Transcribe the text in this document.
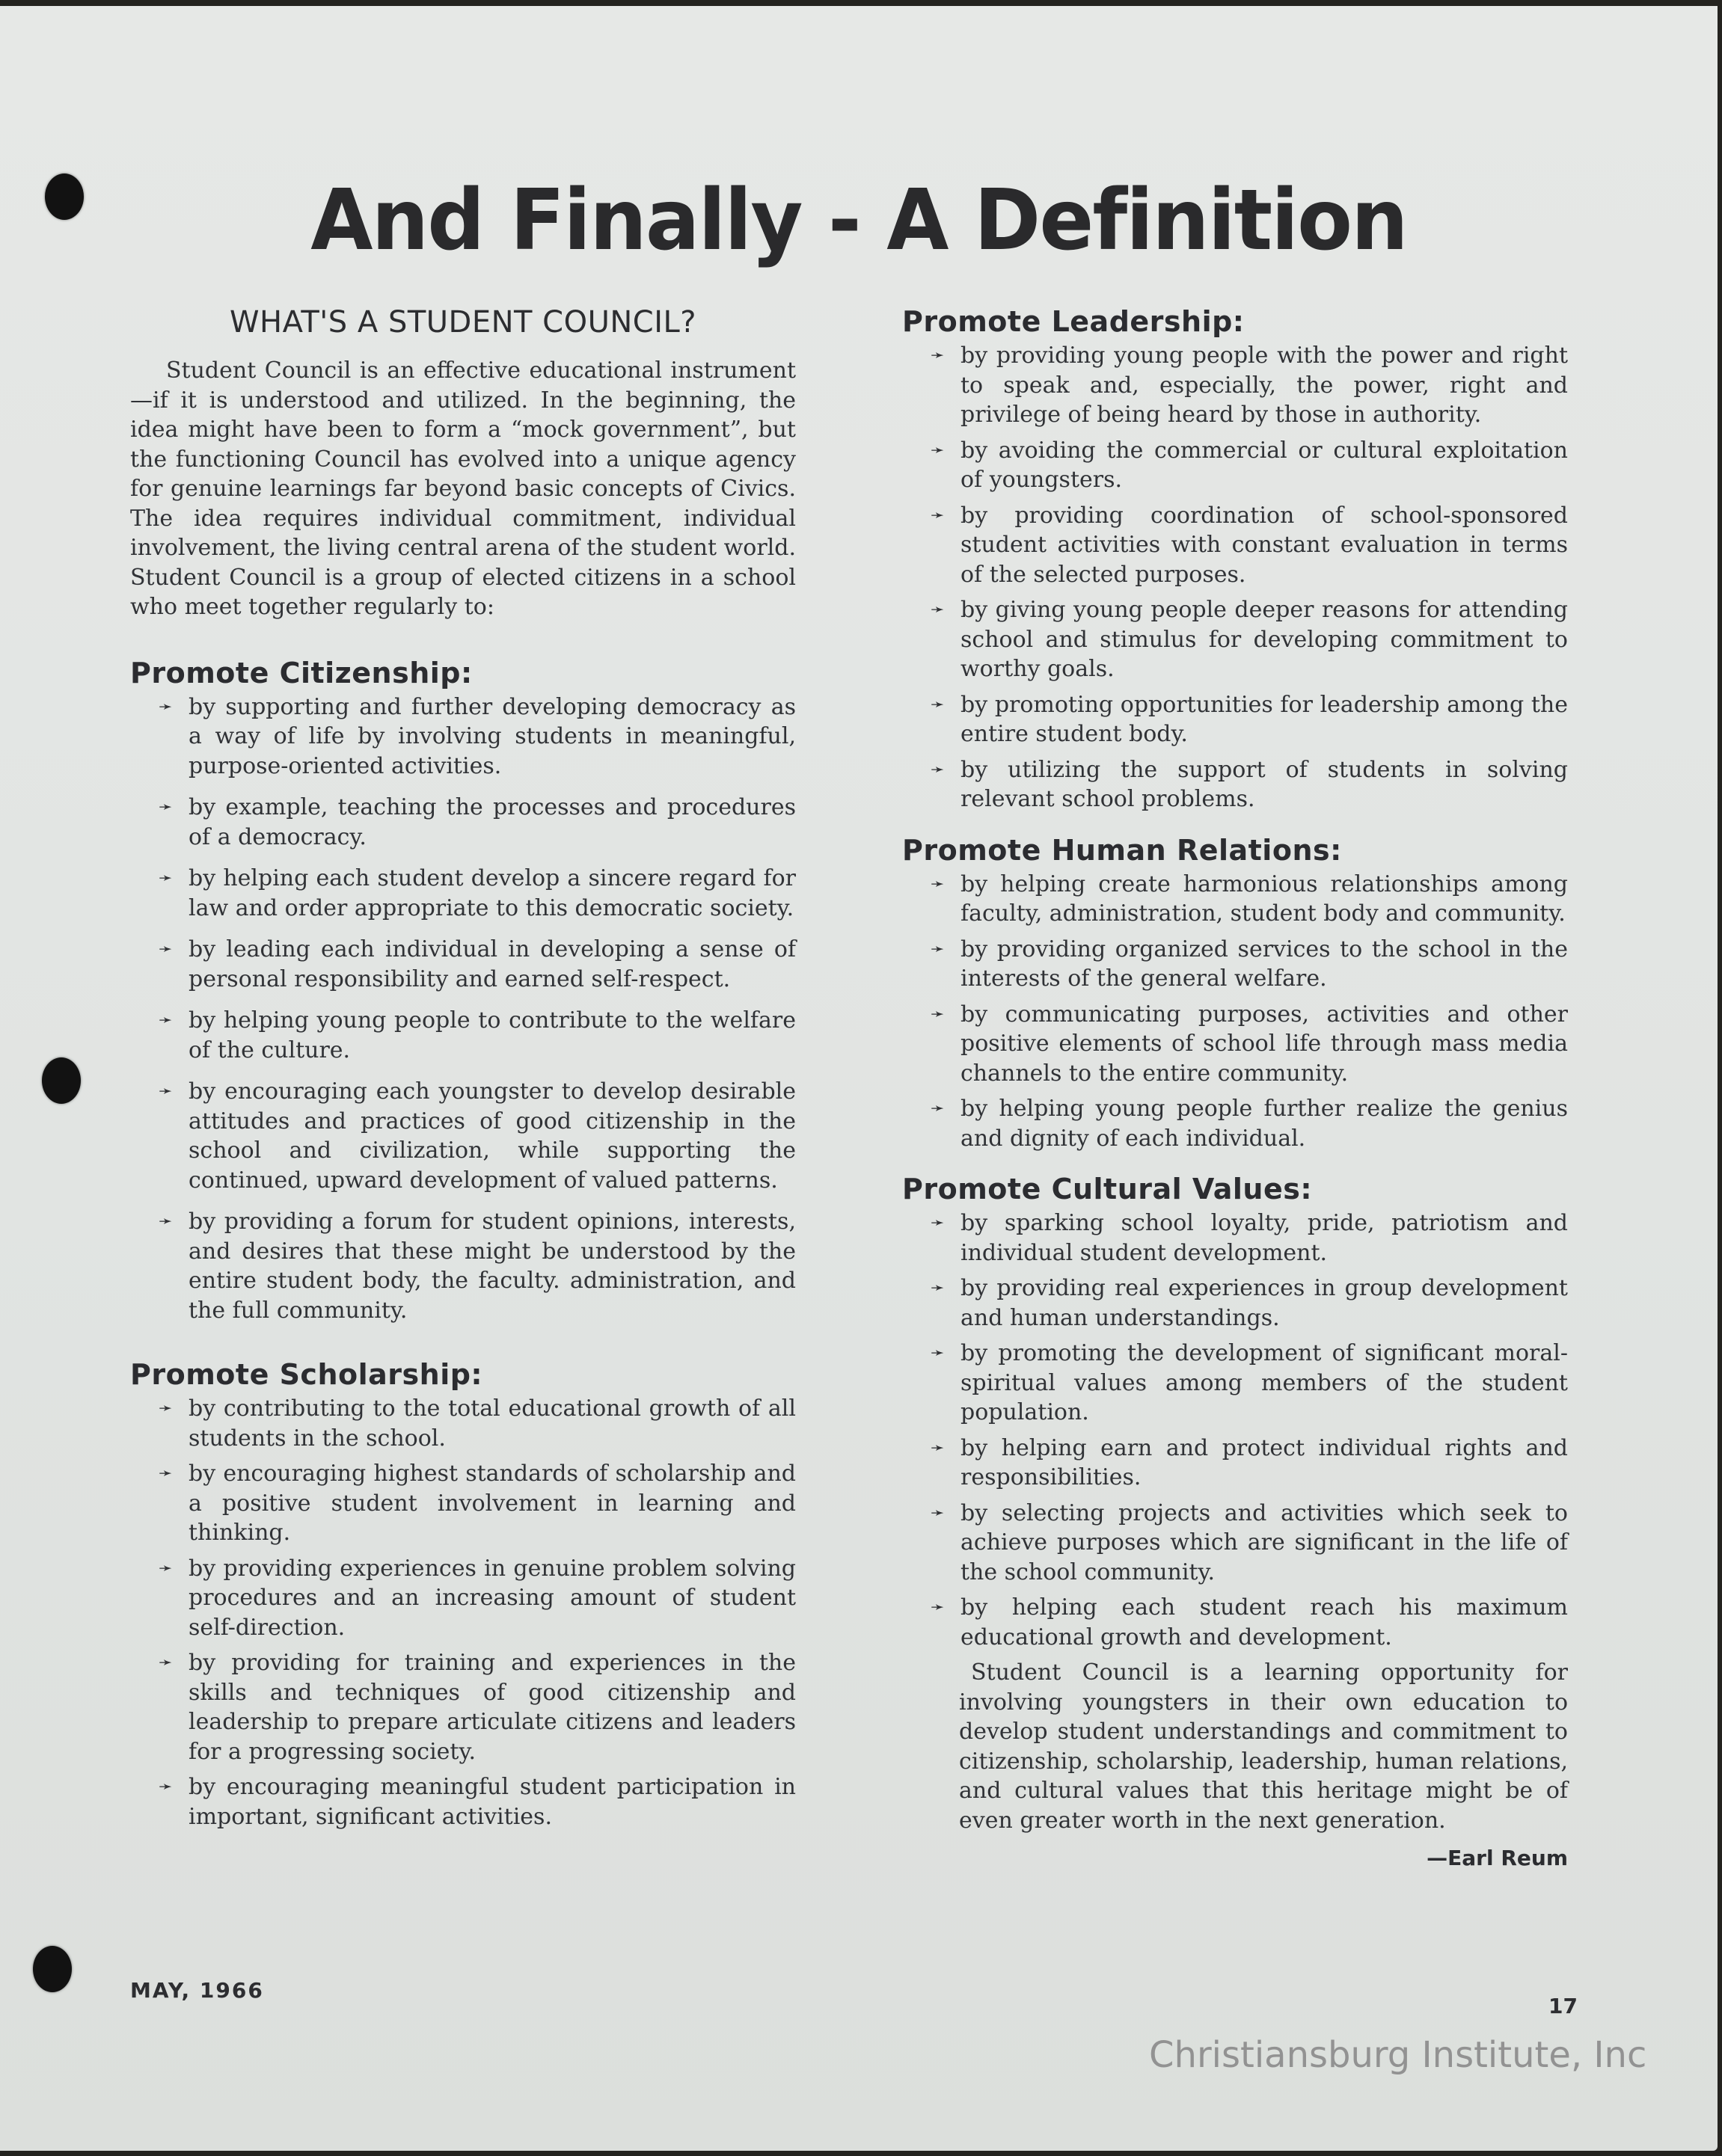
And Finally - A Definition
WHAT'S A STUDENT COUNCIL?

Student Council is an effective educational instrument—if it is understood and utilized. In the beginning, the idea might have been to form a “mock government”, but the functioning Council has evolved into a unique agency for genuine learnings far beyond basic concepts of Civics. The idea requires individual commitment, individual involvement, the living central arena of the student world. Student Council is a group of elected citizens in a school who meet together regularly to:

Promote Citizenship:
➛ by supporting and further developing democracy as a way of life by involving students in meaningful, purpose-oriented activities.
➛ by example, teaching the processes and procedures of a democracy.
➛ by helping each student develop a sincere regard for law and order appropriate to this democratic society.
➛ by leading each individual in developing a sense of personal responsibility and earned self-respect.
➛ by helping young people to contribute to the welfare of the culture.
➛ by encouraging each youngster to develop desirable attitudes and practices of good citizenship in the school and civilization, while supporting the continued, upward development of valued patterns.
➛ by providing a forum for student opinions, interests, and desires that these might be understood by the entire student body, the faculty. administration, and the full community.
Promote Scholarship:
➛ by contributing to the total educational growth of all students in the school.
➛ by encouraging highest standards of scholarship and a positive student involvement in learning and thinking.
➛ by providing experiences in genuine problem solving procedures and an increasing amount of student self-direction.
➛ by providing for training and experiences in the skills and techniques of good citizenship and leadership to prepare articulate citizens and leaders for a progressing society.
➛ by encouraging meaningful student participation in important, significant activities.
Promote Leadership:
➛ by providing young people with the power and right to speak and, especially, the power, right and privilege of being heard by those in authority.
➛ by avoiding the commercial or cultural exploitation of youngsters.
➛ by providing coordination of school-sponsored student activities with constant evaluation in terms of the selected purposes.
➛ by giving young people deeper reasons for attending school and stimulus for developing commitment to worthy goals.
➛ by promoting opportunities for leadership among the entire student body.
➛ by utilizing the support of students in solving relevant school problems.
Promote Human Relations:
➛ by helping create harmonious relationships among faculty, administration, student body and community.
➛ by providing organized services to the school in the interests of the general welfare.
➛ by communicating purposes, activities and other positive elements of school life through mass media channels to the entire community.
➛ by helping young people further realize the genius and dignity of each individual.
Promote Cultural Values:
➛ by sparking school loyalty, pride, patriotism and individual student development.
➛ by providing real experiences in group development and human understandings.
➛ by promoting the development of significant moral-spiritual values among members of the student population.
➛ by helping earn and protect individual rights and responsibilities.
➛ by selecting projects and activities which seek to achieve purposes which are significant in the life of the school community.
➛ by helping each student reach his maximum educational growth and development.

Student Council is a learning opportunity for involving youngsters in their own education to develop student understandings and commitment to citizenship, scholarship, leadership, human relations, and cultural values that this heritage might be of even greater worth in the next generation.

—Earl Reum

MAY, 1966
17
Christiansburg Institute, Inc
